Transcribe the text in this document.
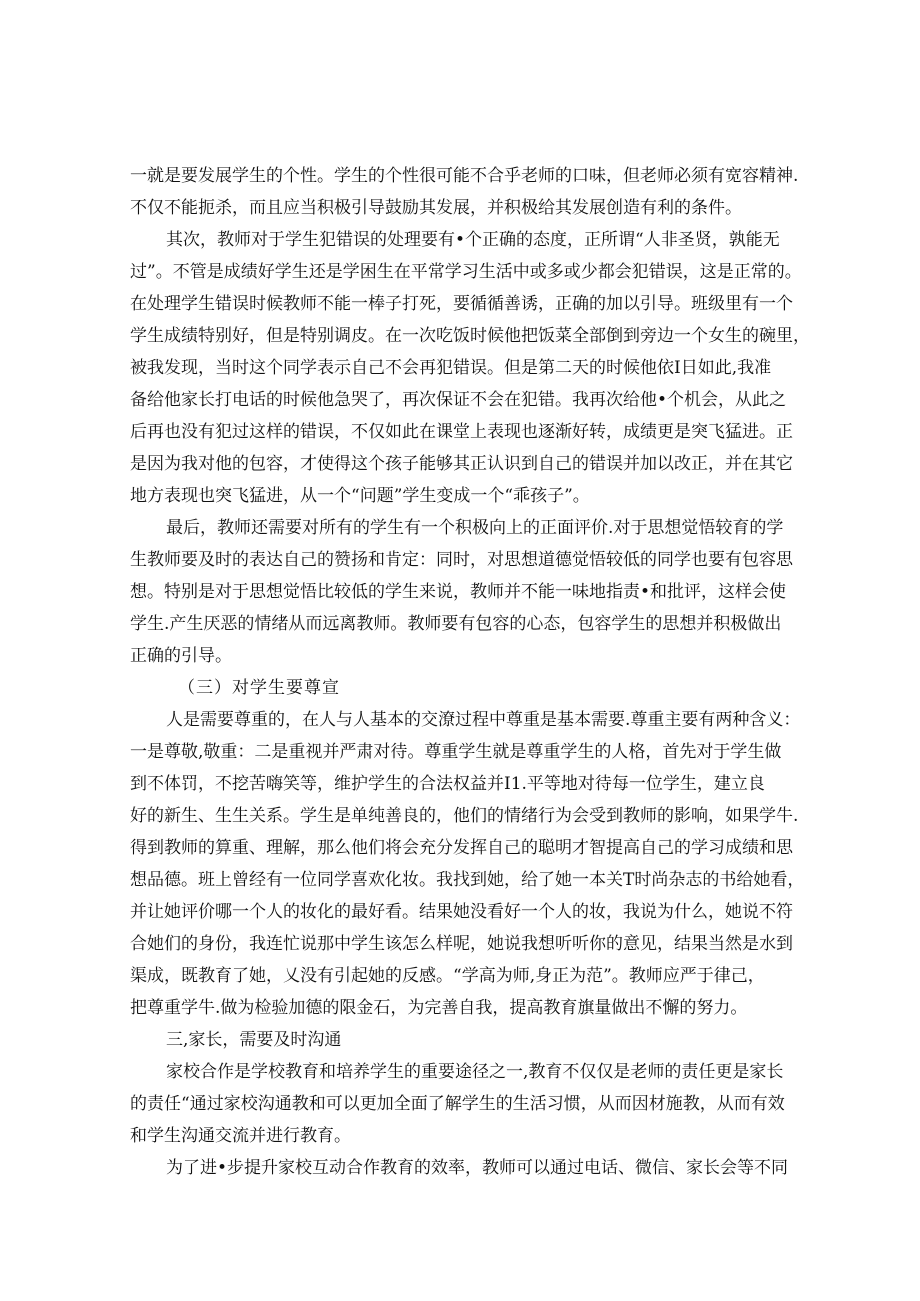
一就是要发展学生的个性。学生的个性很可能不合乎老师的口味，但老师必须有宽容精神.
不仅不能扼杀，而且应当积极引导鼓励其发展，并积极给其发展创造有利的条件。
其次，教师对于学生犯错误的处理要有•个正确的态度，正所谓“人非圣贤，孰能无
过”。不管是成绩好学生还是学困生在平常学习生活中或多或少都会犯错误，这是正常的。
在处理学生错误时候教师不能一棒子打死，要循循善诱，正确的加以引导。班级里有一个
学生成绩特别好，但是特别调皮。在一次吃饭时候他把饭菜全部倒到旁边一个女生的碗里，
被我发现，当时这个同学表示自己不会再犯错误。但是第二天的时候他依I日如此,我准
备给他家长打电话的时候他急哭了，再次保证不会在犯错。我再次给他•个机会，从此之
后再也没有犯过这样的错误，不仅如此在课堂上表现也逐渐好转，成绩更是突飞猛进。正
是因为我对他的包容，才使得这个孩子能够其正认识到自己的错误并加以改正，并在其它
地方表现也突飞猛进，从一个“问题”学生变成一个“乖孩子”。
最后，教师还需要对所有的学生有一个积极向上的正面评价.对于思想觉悟较育的学
生教师要及时的表达自己的赞扬和肯定：同时，对思想道德觉悟较低的同学也要有包容思
想。特别是对于思想觉悟比较低的学生来说，教师并不能一味地指责•和批评，这样会使
学生.产生厌恶的情绪从而远离教师。教师要有包容的心态，包容学生的思想并积极做出
正确的引导。
（三）对学生要尊宣
人是需要尊重的，在人与人基本的交潦过程中尊重是基本需要.尊重主要有两种含义：
一是尊敬,敬重：二是重视并严肃对待。尊重学生就是尊重学生的人格，首先对于学生做
到不体罚，不挖苦嗨笑等，维护学生的合法权益并I1.平等地对待每一位学生，建立良
好的新生、生生关系。学生是单纯善良的，他们的情绪行为会受到教师的影响，如果学牛.
得到教师的算重、理解，那么他们将会充分发挥自己的聪明才智提高自己的学习成绩和思
想品德。班上曾经有一位同学喜欢化妆。我找到她，给了她一本关T时尚杂志的书给她看，
并让她评价哪一个人的妆化的最好看。结果她没看好一个人的妆，我说为什么，她说不符
合她们的身份，我连忙说那中学生该怎么样呢，她说我想听听你的意见，结果当然是水到
渠成，既教育了她，乂没有引起她的反感。“学高为师,身正为范”。教师应严于律己，
把尊重学牛.做为检验加德的限金石，为完善自我，提高教育旗量做出不懈的努力。
三,家长，需要及时沟通
家校合作是学校教育和培养学生的重要途径之一,教育不仅仅是老师的责任更是家长
的责任“通过家校沟通教和可以更加全面了解学生的生活习惯，从而因材施教，从而有效
和学生沟通交流并进行教育。
为了进•步提升家校互动合作教育的效率，教师可以通过电话、微信、家长会等不同
